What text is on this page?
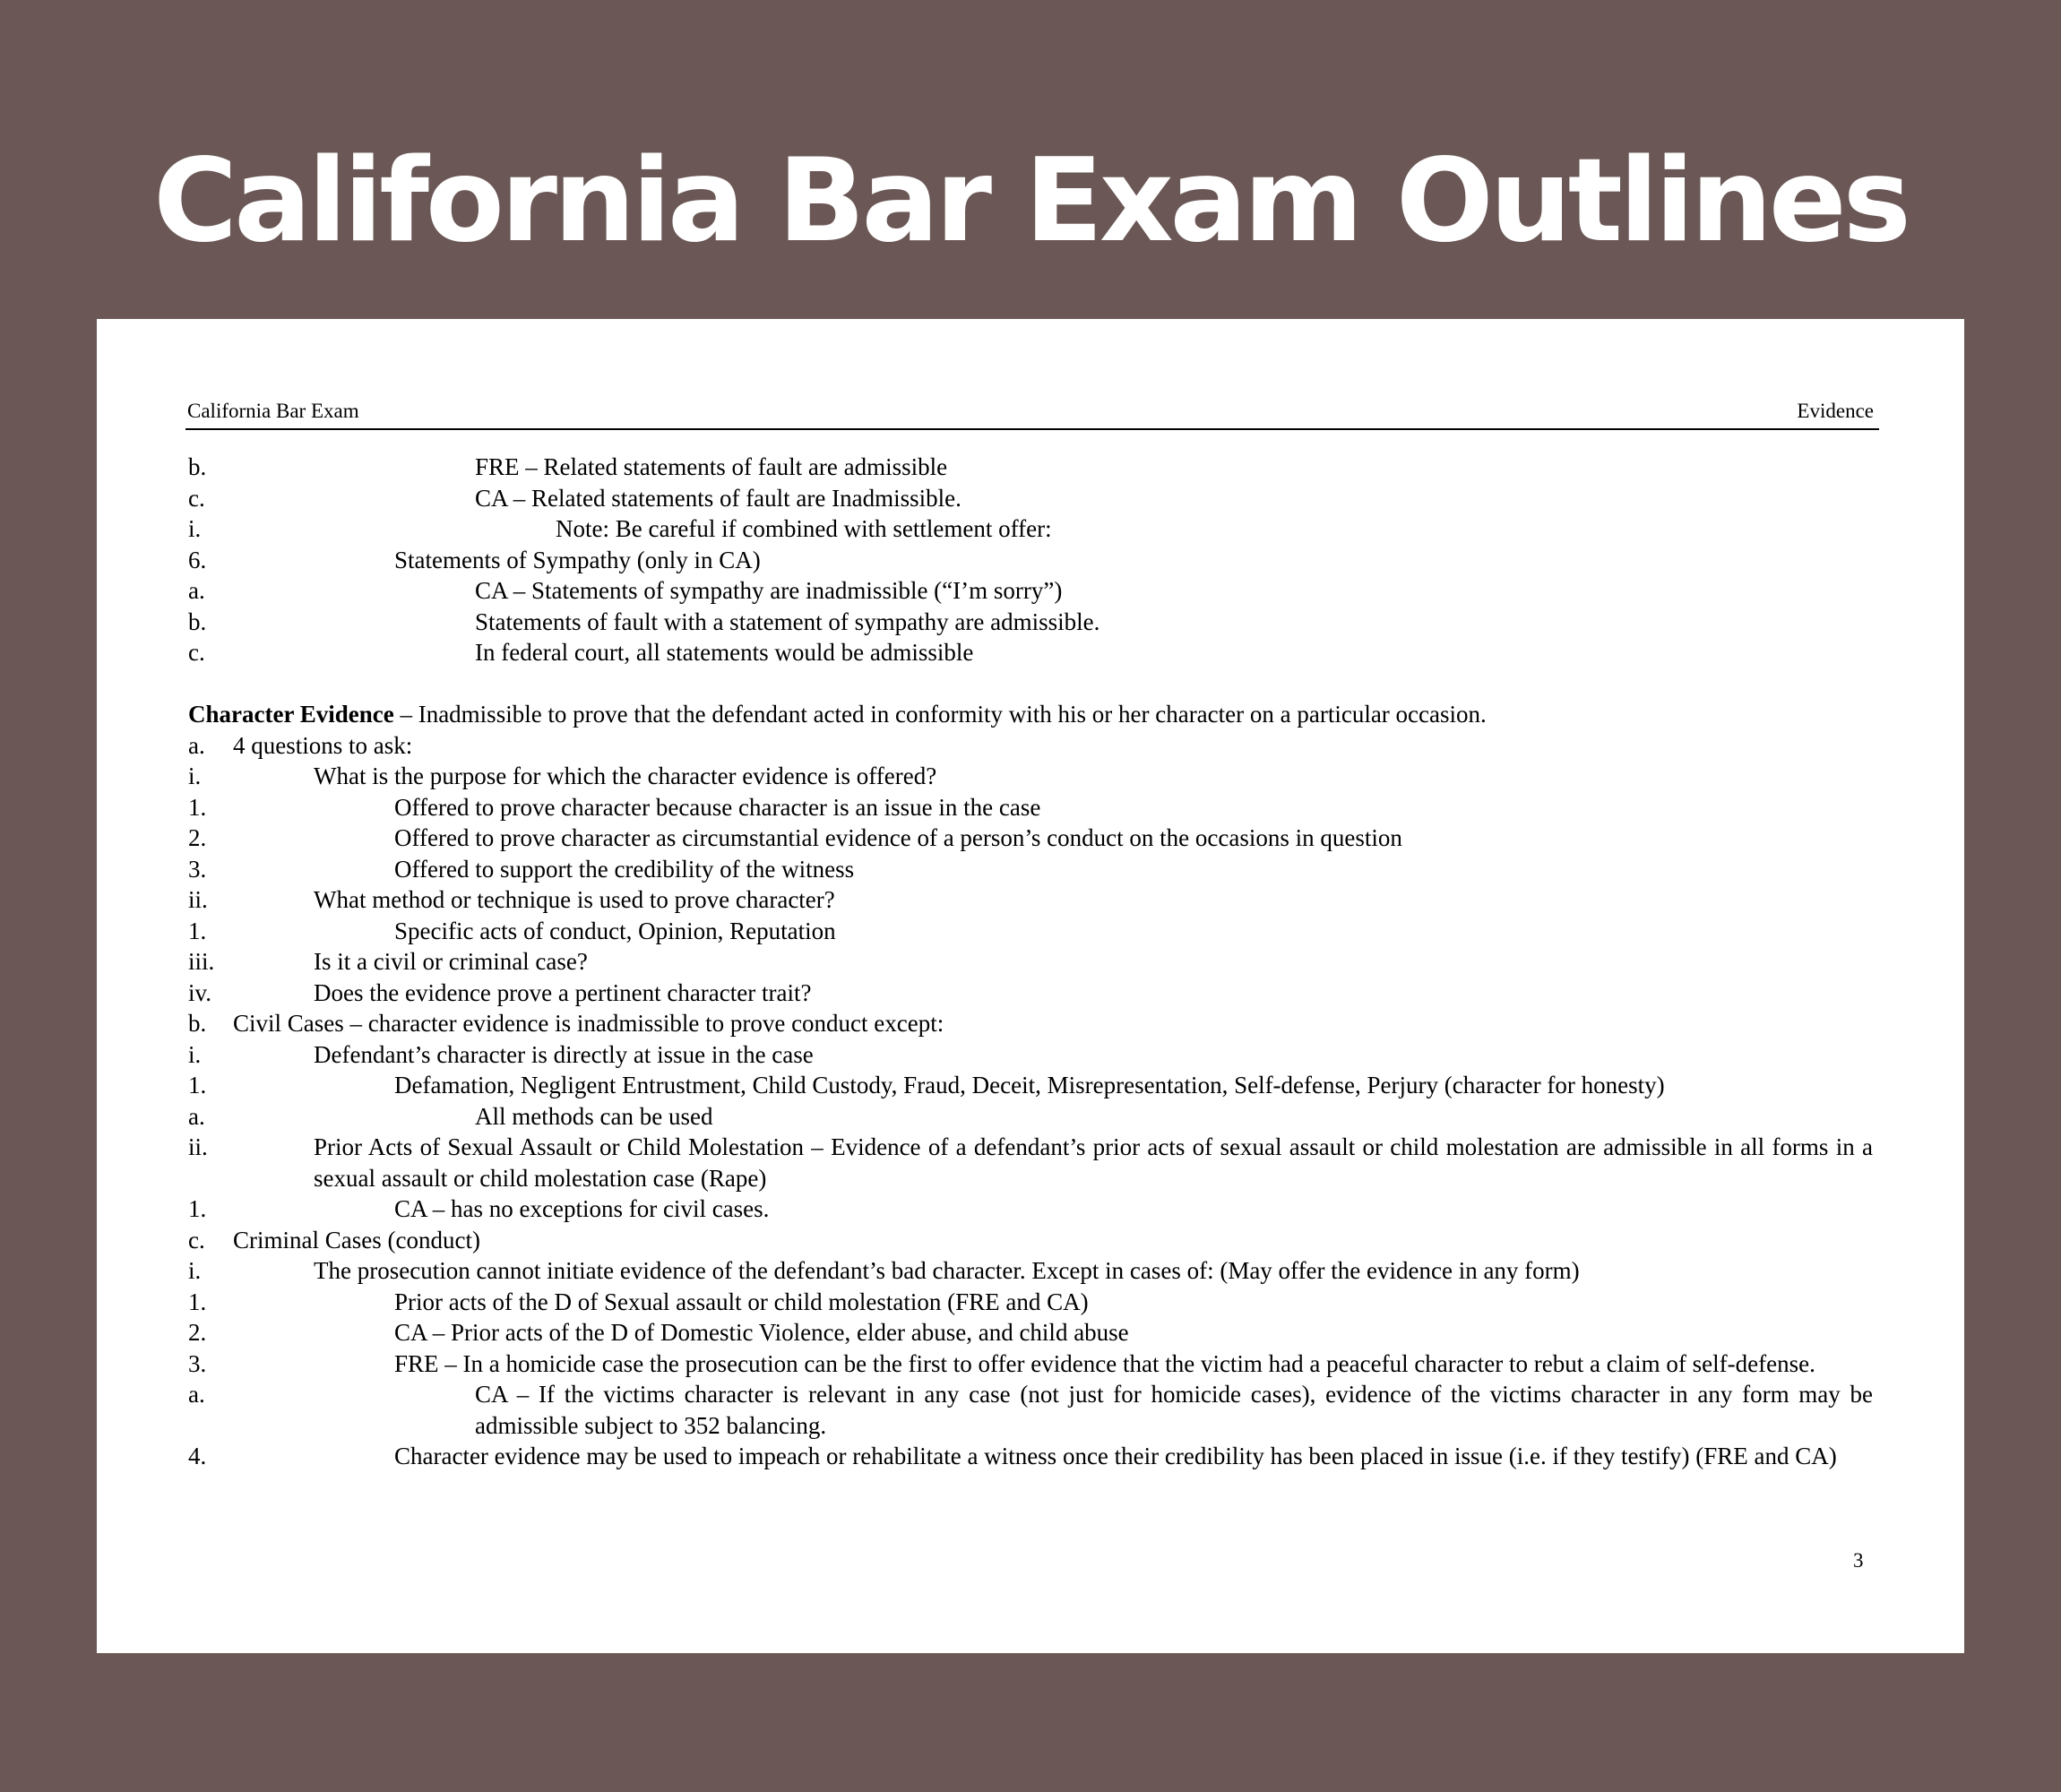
California Bar Exam Outlines
California Bar Exam	Evidence
b.	FRE – Related statements of fault are admissible
c.	CA – Related statements of fault are Inadmissible.
i.	Note: Be careful if combined with settlement offer:
6.	Statements of Sympathy (only in CA)
a.	CA – Statements of sympathy are inadmissible (“I’m sorry”)
b.	Statements of fault with a statement of sympathy are admissible.
c.	In federal court, all statements would be admissible
Character Evidence – Inadmissible to prove that the defendant acted in conformity with his or her character on a particular occasion.
a. 4 questions to ask:
i.	What is the purpose for which the character evidence is offered?
1.	Offered to prove character because character is an issue in the case
2.	Offered to prove character as circumstantial evidence of a person’s conduct on the occasions in question
3.	Offered to support the credibility of the witness
ii.	What method or technique is used to prove character?
1.	Specific acts of conduct, Opinion, Reputation
iii.	Is it a civil or criminal case?
iv.	Does the evidence prove a pertinent character trait?
b. Civil Cases – character evidence is inadmissible to prove conduct except:
i.	Defendant’s character is directly at issue in the case
1.	Defamation, Negligent Entrustment, Child Custody, Fraud, Deceit, Misrepresentation, Self-defense, Perjury (character for honesty)
a.	All methods can be used
ii.	Prior Acts of Sexual Assault or Child Molestation – Evidence of a defendant’s prior acts of sexual assault or child molestation are admissible in all forms in a sexual assault or child molestation case (Rape)
1.	CA – has no exceptions for civil cases.
c. Criminal Cases (conduct)
i.	The prosecution cannot initiate evidence of the defendant’s bad character. Except in cases of: (May offer the evidence in any form)
1.	Prior acts of the D of Sexual assault or child molestation (FRE and CA)
2.	CA – Prior acts of the D of Domestic Violence, elder abuse, and child abuse
3.	FRE – In a homicide case the prosecution can be the first to offer evidence that the victim had a peaceful character to rebut a claim of self-defense.
a.	CA – If the victims character is relevant in any case (not just for homicide cases), evidence of the victims character in any form may be admissible subject to 352 balancing.
4.	Character evidence may be used to impeach or rehabilitate a witness once their credibility has been placed in issue (i.e. if they testify) (FRE and CA)
3
